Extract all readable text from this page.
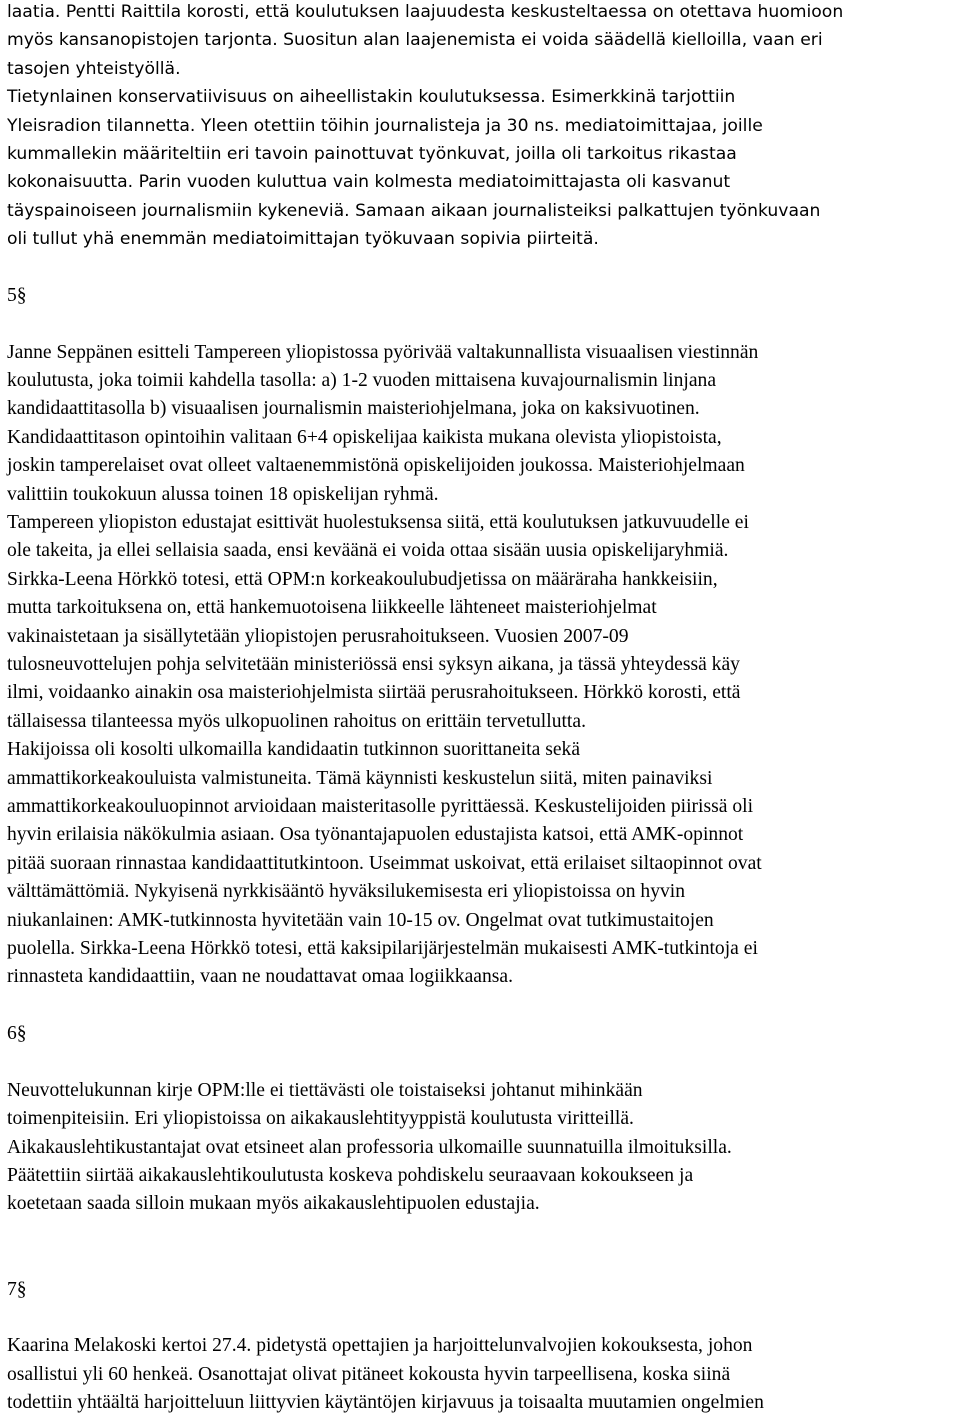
laatia. Pentti Raittila korosti, että koulutuksen laajuudesta keskusteltaessa on otettava huomioon
myös kansanopistojen tarjonta. Suositun alan laajenemista ei voida säädellä kielloilla, vaan eri
tasojen yhteistyöllä.
Tietynlainen konservatiivisuus on aiheellistakin koulutuksessa. Esimerkkinä tarjottiin
Yleisradion tilannetta. Yleen otettiin töihin journalisteja ja 30 ns. mediatoimittajaa, joille
kummallekin määriteltiin eri tavoin painottuvat työnkuvat, joilla oli tarkoitus rikastaa
kokonaisuutta. Parin vuoden kuluttua vain kolmesta mediatoimittajasta oli kasvanut
täyspainoiseen journalismiin kykeneviä. Samaan aikaan journalisteiksi palkattujen työnkuvaan
oli tullut yhä enemmän mediatoimittajan työkuvaan sopivia piirteitä.
5§
Janne Seppänen esitteli Tampereen yliopistossa pyörivää valtakunnallista visuaalisen viestinnän
koulutusta, joka toimii kahdella tasolla: a) 1-2 vuoden mittaisena kuvajournalismin linjana
kandidaattitasolla b) visuaalisen journalismin maisteriohjelmana, joka on kaksivuotinen.
Kandidaattitason opintoihin valitaan 6+4 opiskelijaa kaikista mukana olevista yliopistoista,
joskin tamperelaiset ovat olleet valtaenemmistönä opiskelijoiden joukossa. Maisteriohjelmaan
valittiin toukokuun alussa toinen 18 opiskelijan ryhmä.
Tampereen yliopiston edustajat esittivät huolestuksensa siitä, että koulutuksen jatkuvuudelle ei
ole takeita, ja ellei sellaisia saada, ensi keväänä ei voida ottaa sisään uusia opiskelijaryhmiä.
Sirkka-Leena Hörkkö totesi, että OPM:n korkeakoulubudjetissa on määräraha hankkeisiin,
mutta tarkoituksena on, että hankemuotoisena liikkeelle lähteneet maisteriohjelmat
vakinaistetaan ja sisällytetään yliopistojen perusrahoitukseen. Vuosien 2007-09
tulosneuvottelujen pohja selvitetään ministeriössä ensi syksyn aikana, ja tässä yhteydessä käy
ilmi, voidaanko ainakin osa maisteriohjelmista siirtää perusrahoitukseen. Hörkkö korosti, että
tällaisessa tilanteessa myös ulkopuolinen rahoitus on erittäin tervetullutta.
Hakijoissa oli kosolti ulkomailla kandidaatin tutkinnon suorittaneita sekä
ammattikorkeakouluista valmistuneita. Tämä käynnisti keskustelun siitä, miten painaviksi
ammattikorkeakouluopinnot arvioidaan maisteritasolle pyrittäessä. Keskustelijoiden piirissä oli
hyvin erilaisia näkökulmia asiaan. Osa työnantajapuolen edustajista katsoi, että AMK-opinnot
pitää suoraan rinnastaa kandidaattitutkintoon. Useimmat uskoivat, että erilaiset siltaopinnot ovat
välttämättömiä. Nykyisenä nyrkkisääntö hyväksilukemisesta eri yliopistoissa on hyvin
niukanlainen: AMK-tutkinnosta hyvitetään vain 10-15 ov. Ongelmat ovat tutkimustaitojen
puolella. Sirkka-Leena Hörkkö totesi, että kaksipilarijärjestelmän mukaisesti AMK-tutkintoja ei
rinnasteta kandidaattiin, vaan ne noudattavat omaa logiikkaansa.
6§
Neuvottelukunnan kirje OPM:lle ei tiettävästi ole toistaiseksi johtanut mihinkään
toimenpiteisiin. Eri yliopistoissa on aikakauslehtityyppistä koulutusta viritteillä.
Aikakauslehtikustantajat ovat etsineet alan professoria ulkomaille suunnatuilla ilmoituksilla.
Päätettiin siirtää aikakauslehtikoulutusta koskeva pohdiskelu seuraavaan kokoukseen ja
koetetaan saada silloin mukaan myös aikakauslehtipuolen edustajia.
7§
Kaarina Melakoski kertoi 27.4. pidetystä opettajien ja harjoittelunvalvojien kokouksesta, johon
osallistui yli 60 henkeä. Osanottajat olivat pitäneet kokousta hyvin tarpeellisena, koska siinä
todettiin yhtäältä harjoitteluun liittyvien käytäntöjen kirjavuus ja toisaalta muutamien ongelmien
